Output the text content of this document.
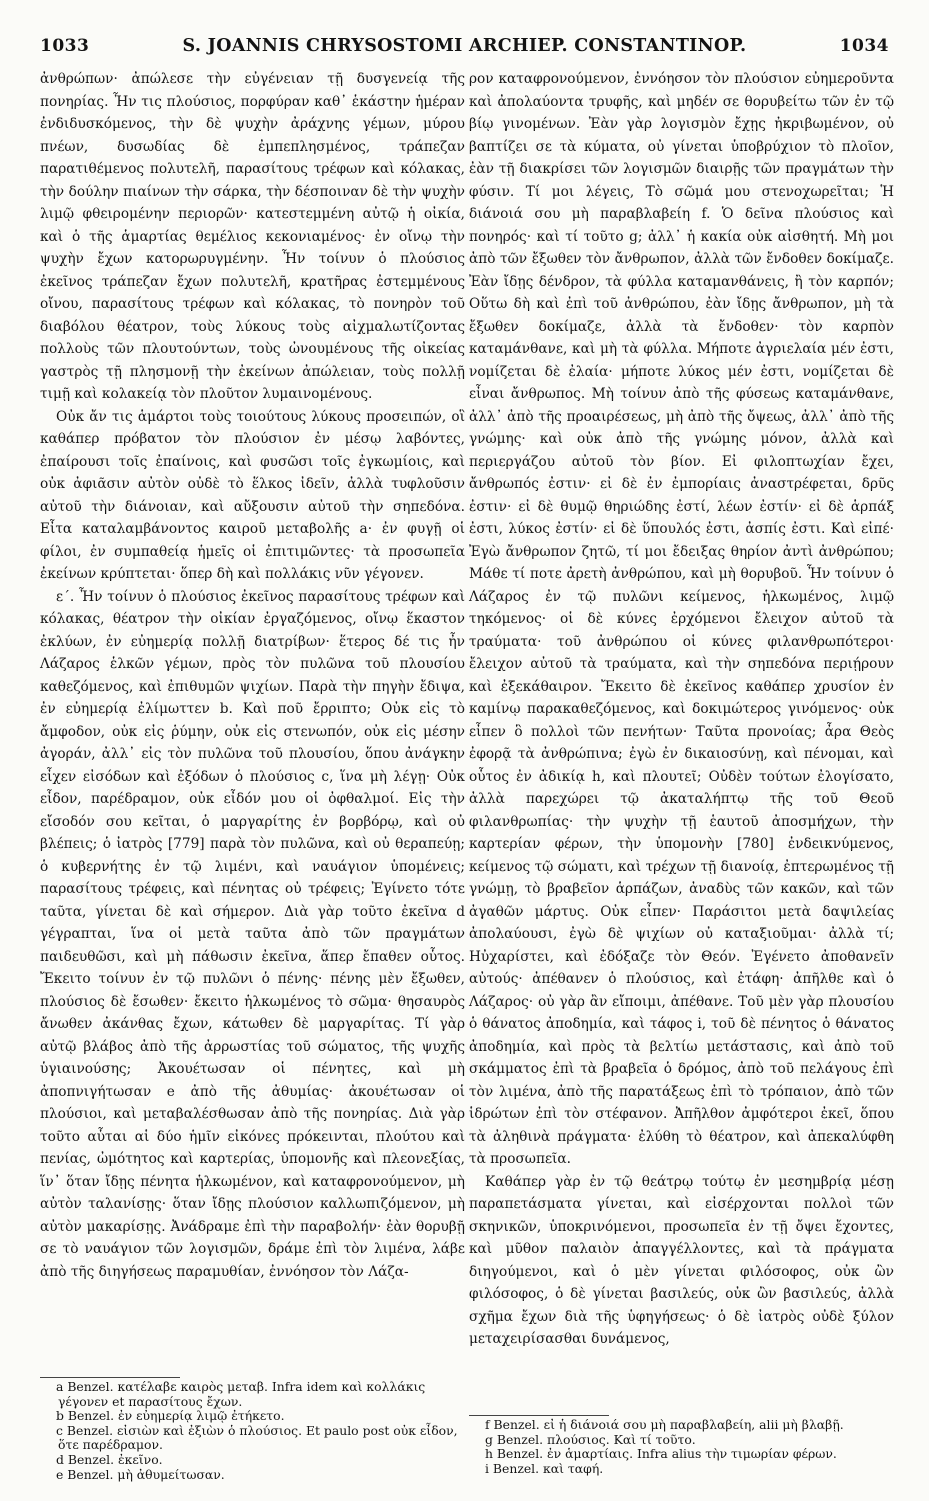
1033	S. JOANNIS CHRYSOSTOMI ARCHIEP. CONSTANTINOP.	1034

ἀνθρώπων· ἀπώλεσε τὴν εὐγένειαν τῇ δυσγενείᾳ τῆς πονηρίας. Ἦν τις πλούσιος, πορφύραν καθ᾽ ἑκάστην ἡμέραν ἐνδιδυσκόμενος, τὴν δὲ ψυχὴν ἀράχνης γέμων, μύρου πνέων, δυσωδίας δὲ ἐμπεπλησμένος, τράπεζαν παρατιθέμενος πολυτελῆ, παρασίτους τρέφων καὶ κόλακας, τὴν δούλην πιαίνων τὴν σάρκα, τὴν δέσποιναν δὲ τὴν ψυχὴν λιμῷ φθειρομένην περιορῶν· κατεστεμμένη αὐτῷ ἡ οἰκία, καὶ ὁ τῆς ἁμαρτίας θεμέλιος κεκονιαμένος· ἐν οἴνῳ τὴν ψυχὴν ἔχων κατορωρυγμένην. Ἦν τοίνυν ὁ πλούσιος ἐκεῖνος τράπεζαν ἔχων πολυτελῆ, κρατῆρας ἐστεμμένους οἴνου, παρασίτους τρέφων καὶ κόλακας, τὸ πονηρὸν τοῦ διαβόλου θέατρον, τοὺς λύκους τοὺς αἰχμαλωτίζοντας πολλοὺς τῶν πλουτούντων, τοὺς ὠνουμένους τῆς οἰκείας γαστρὸς τῇ πλησμονῇ τὴν ἐκείνων ἀπώλειαν, τοὺς πολλῇ τιμῇ καὶ κολακείᾳ τὸν πλοῦτον λυμαινομένους.

Οὐκ ἄν τις ἁμάρτοι τοὺς τοιούτους λύκους προσειπών, οἳ καθάπερ πρόβατον τὸν πλούσιον ἐν μέσῳ λαβόντες, ἐπαίρουσι τοῖς ἐπαίνοις, καὶ φυσῶσι τοῖς ἐγκωμίοις, καὶ οὐκ ἀφιᾶσιν αὐτὸν οὐδὲ τὸ ἕλκος ἰδεῖν, ἀλλὰ τυφλοῦσιν αὐτοῦ τὴν διάνοιαν, καὶ αὔξουσιν αὐτοῦ τὴν σηπεδόνα. Εἶτα καταλαμβάνοντος καιροῦ μεταβολῆς a· ἐν φυγῇ οἱ φίλοι, ἐν συμπαθείᾳ ἡμεῖς οἱ ἐπιτιμῶντες· τὰ προσωπεῖα ἐκείνων κρύπτεται· ὅπερ δὴ καὶ πολλάκις νῦν γέγονεν.

ε΄. Ἦν τοίνυν ὁ πλούσιος ἐκεῖνος παρασίτους τρέφων καὶ κόλακας, θέατρον τὴν οἰκίαν ἐργαζόμενος, οἴνῳ ἕκαστον ἐκλύων, ἐν εὐημερίᾳ πολλῇ διατρίβων· ἕτερος δέ τις ἦν Λάζαρος ἑλκῶν γέμων, πρὸς τὸν πυλῶνα τοῦ πλουσίου καθεζόμενος, καὶ ἐπιθυμῶν ψιχίων. Παρὰ τὴν πηγὴν ἔδιψα, ἐν εὐημερίᾳ ἐλίμωττεν b. Καὶ ποῦ ἔρριπτο; Οὐκ εἰς τὸ ἄμφοδον, οὐκ εἰς ῥύμην, οὐκ εἰς στενωπόν, οὐκ εἰς μέσην ἀγοράν, ἀλλ᾽ εἰς τὸν πυλῶνα τοῦ πλουσίου, ὅπου ἀνάγκην εἶχεν εἰσόδων καὶ ἐξόδων ὁ πλούσιος c, ἵνα μὴ λέγῃ· Οὐκ εἶδον, παρέδραμον, οὐκ εἶδόν μου οἱ ὀφθαλμοί. Εἰς τὴν εἴσοδόν σου κεῖται, ὁ μαργαρίτης ἐν βορβόρῳ, καὶ οὐ βλέπεις; ὁ ἰατρὸς [779] παρὰ τὸν πυλῶνα, καὶ οὐ θεραπεύῃ; ὁ κυβερνήτης ἐν τῷ λιμένι, καὶ ναυάγιον ὑπομένεις; παρασίτους τρέφεις, καὶ πένητας οὐ τρέφεις; Ἐγίνετο τότε ταῦτα, γίνεται δὲ καὶ σήμερον. Διὰ γὰρ τοῦτο ἐκεῖνα d γέγραπται, ἵνα οἱ μετὰ ταῦτα ἀπὸ τῶν πραγμάτων παιδευθῶσι, καὶ μὴ πάθωσιν ἐκεῖνα, ἅπερ ἔπαθεν οὗτος. Ἔκειτο τοίνυν ἐν τῷ πυλῶνι ὁ πένης· πένης μὲν ἔξωθεν, πλούσιος δὲ ἔσωθεν· ἔκειτο ἡλκωμένος τὸ σῶμα· θησαυρὸς ἄνωθεν ἀκάνθας ἔχων, κάτωθεν δὲ μαργαρίτας. Τί γὰρ αὐτῷ βλάβος ἀπὸ τῆς ἀρρωστίας τοῦ σώματος, τῆς ψυχῆς ὑγιαινούσης; Ἀκουέτωσαν οἱ πένητες, καὶ μὴ ἀποπνιγήτωσαν e ἀπὸ τῆς ἀθυμίας· ἀκουέτωσαν οἱ πλούσιοι, καὶ μεταβαλέσθωσαν ἀπὸ τῆς πονηρίας. Διὰ γὰρ τοῦτο αὗται αἱ δύο ἡμῖν εἰκόνες πρόκεινται, πλούτου καὶ πενίας, ὠμότητος καὶ καρτερίας, ὑπομονῆς καὶ πλεονεξίας, ἵν᾽ ὅταν ἴδῃς πένητα ἡλκωμένον, καὶ καταφρονούμενον, μὴ αὐτὸν ταλανίσῃς· ὅταν ἴδῃς πλούσιον καλλωπιζόμενον, μὴ αὐτὸν μακαρίσῃς. Ἀνάδραμε ἐπὶ τὴν παραβολήν· ἐὰν θορυβῇ σε τὸ ναυάγιον τῶν λογισμῶν, δράμε ἐπὶ τὸν λιμένα, λάβε ἀπὸ τῆς διηγήσεως παραμυθίαν, ἐννόησον τὸν Λάζα-

ρον καταφρονούμενον, ἐννόησον τὸν πλούσιον εὐημεροῦντα καὶ ἀπολαύοντα τρυφῆς, καὶ μηδέν σε θορυβείτω τῶν ἐν τῷ βίῳ γινομένων. Ἐὰν γὰρ λογισμὸν ἔχῃς ἠκριβωμένον, οὐ βαπτίζει σε τὰ κύματα, οὐ γίνεται ὑποβρύχιον τὸ πλοῖον, ἐὰν τῇ διακρίσει τῶν λογισμῶν διαιρῇς τῶν πραγμάτων τὴν φύσιν. Τί μοι λέγεις, Τὸ σῶμά μου στενοχωρεῖται; Ἡ διάνοιά σου μὴ παραβλαβείη f. Ὁ δεῖνα πλούσιος καὶ πονηρός· καὶ τί τοῦτο g; ἀλλ᾽ ἡ κακία οὐκ αἰσθητή. Μὴ μοι ἀπὸ τῶν ἔξωθεν τὸν ἄνθρωπον, ἀλλὰ τῶν ἔνδοθεν δοκίμαζε. Ἐὰν ἴδῃς δένδρον, τὰ φύλλα καταμανθάνεις, ἢ τὸν καρπόν; Οὕτω δὴ καὶ ἐπὶ τοῦ ἀνθρώπου, ἐὰν ἴδῃς ἄνθρωπον, μὴ τὰ ἔξωθεν δοκίμαζε, ἀλλὰ τὰ ἔνδοθεν· τὸν καρπὸν καταμάνθανε, καὶ μὴ τὰ φύλλα. Μήποτε ἀγριελαία μέν ἐστι, νομίζεται δὲ ἐλαία· μήποτε λύκος μέν ἐστι, νομίζεται δὲ εἶναι ἄνθρωπος. Μὴ τοίνυν ἀπὸ τῆς φύσεως καταμάνθανε, ἀλλ᾽ ἀπὸ τῆς προαιρέσεως, μὴ ἀπὸ τῆς ὄψεως, ἀλλ᾽ ἀπὸ τῆς γνώμης· καὶ οὐκ ἀπὸ τῆς γνώμης μόνον, ἀλλὰ καὶ περιεργάζου αὐτοῦ τὸν βίον. Εἰ φιλοπτωχίαν ἔχει, ἄνθρωπός ἐστιν· εἰ δὲ ἐν ἐμπορίαις ἀναστρέφεται, δρῦς ἐστιν· εἰ δὲ θυμῷ θηριώδης ἐστί, λέων ἐστίν· εἰ δὲ ἁρπάξ ἐστι, λύκος ἐστίν· εἰ δὲ ὕπουλός ἐστι, ἀσπίς ἐστι. Καὶ εἰπέ· Ἐγὼ ἄνθρωπον ζητῶ, τί μοι ἔδειξας θηρίον ἀντὶ ἀνθρώπου; Μάθε τί ποτε ἀρετὴ ἀνθρώπου, καὶ μὴ θορυβοῦ. Ἦν τοίνυν ὁ Λάζαρος ἐν τῷ πυλῶνι κείμενος, ἡλκωμένος, λιμῷ τηκόμενος· οἱ δὲ κύνες ἐρχόμενοι ἔλειχον αὐτοῦ τὰ τραύματα· τοῦ ἀνθρώπου οἱ κύνες φιλανθρωπότεροι· ἔλειχον αὐτοῦ τὰ τραύματα, καὶ τὴν σηπεδόνα περιῄρουν καὶ ἐξεκάθαιρον. Ἔκειτο δὲ ἐκεῖνος καθάπερ χρυσίον ἐν καμίνῳ παρακαθεζόμενος, καὶ δοκιμώτερος γινόμενος· οὐκ εἶπεν ὃ πολλοὶ τῶν πενήτων· Ταῦτα προνοίας; ἆρα Θεὸς ἐφορᾷ τὰ ἀνθρώπινα; ἐγὼ ἐν δικαιοσύνῃ, καὶ πένομαι, καὶ οὗτος ἐν ἀδικίᾳ h, καὶ πλουτεῖ; Οὐδὲν τούτων ἐλογίσατο, ἀλλὰ παρεχώρει τῷ ἀκαταλήπτῳ τῆς τοῦ Θεοῦ φιλανθρωπίας· τὴν ψυχὴν τῇ ἑαυτοῦ ἀποσμήχων, τὴν καρτερίαν φέρων, τὴν ὑπομονὴν [780] ἐνδεικνύμενος, κείμενος τῷ σώματι, καὶ τρέχων τῇ διανοίᾳ, ἐπτερωμένος τῇ γνώμῃ, τὸ βραβεῖον ἁρπάζων, ἀναδὺς τῶν κακῶν, καὶ τῶν ἀγαθῶν μάρτυς. Οὐκ εἶπεν· Παράσιτοι μετὰ δαψιλείας ἀπολαύουσι, ἐγὼ δὲ ψιχίων οὐ καταξιοῦμαι· ἀλλὰ τί; Ηὐχαρίστει, καὶ ἐδόξαζε τὸν Θεόν. Ἐγένετο ἀποθανεῖν αὐτούς· ἀπέθανεν ὁ πλούσιος, καὶ ἐτάφη· ἀπῆλθε καὶ ὁ Λάζαρος· οὐ γὰρ ἂν εἴποιμι, ἀπέθανε. Τοῦ μὲν γὰρ πλουσίου ὁ θάνατος ἀποδημία, καὶ τάφος i, τοῦ δὲ πένητος ὁ θάνατος ἀποδημία, καὶ πρὸς τὰ βελτίω μετάστασις, καὶ ἀπὸ τοῦ σκάμματος ἐπὶ τὰ βραβεῖα ὁ δρόμος, ἀπὸ τοῦ πελάγους ἐπὶ τὸν λιμένα, ἀπὸ τῆς παρατάξεως ἐπὶ τὸ τρόπαιον, ἀπὸ τῶν ἱδρώτων ἐπὶ τὸν στέφανον. Ἀπῆλθον ἀμφότεροι ἐκεῖ, ὅπου τὰ ἀληθινὰ πράγματα· ἐλύθη τὸ θέατρον, καὶ ἀπεκαλύφθη τὰ προσωπεῖα.

Καθάπερ γὰρ ἐν τῷ θεάτρῳ τούτῳ ἐν μεσημβρίᾳ μέσῃ παραπετάσματα γίνεται, καὶ εἰσέρχονται πολλοὶ τῶν σκηνικῶν, ὑποκρινόμενοι, προσωπεῖα ἐν τῇ ὄψει ἔχοντες, καὶ μῦθον παλαιὸν ἀπαγγέλλοντες, καὶ τὰ πράγματα διηγούμενοι, καὶ ὁ μὲν γίνεται φιλόσοφος, οὐκ ὢν φιλόσοφος, ὁ δὲ γίνεται βασιλεύς, οὐκ ὢν βασιλεύς, ἀλλὰ σχῆμα ἔχων διὰ τῆς ὑφηγήσεως· ὁ δὲ ἰατρὸς οὐδὲ ξύλον μεταχειρίσασθαι δυνάμενος,

a Benzel. κατέλαβε καιρὸς μεταβ. Infra idem καὶ κολλάκις γέγονεν et παρασίτους ἔχων.

b Benzel. ἐν εὐημερίᾳ λιμῷ ἐτήκετο.

c Benzel. εἰσιὼν καὶ ἐξιὼν ὁ πλούσιος. Et paulo post οὐκ εἶδον, ὅτε παρέδραμον.

d Benzel. ἐκεῖνο.

e Benzel. μὴ ἀθυμείτωσαν.

f Benzel. εἰ ἡ διάνοιά σου μὴ παραβλαβείη, alii μὴ βλαβῇ.

g Benzel. πλούσιος. Καὶ τί τοῦτο.

h Benzel. ἐν ἁμαρτίαις. Infra alius τὴν τιμωρίαν φέρων.

i Benzel. καὶ ταφή.
